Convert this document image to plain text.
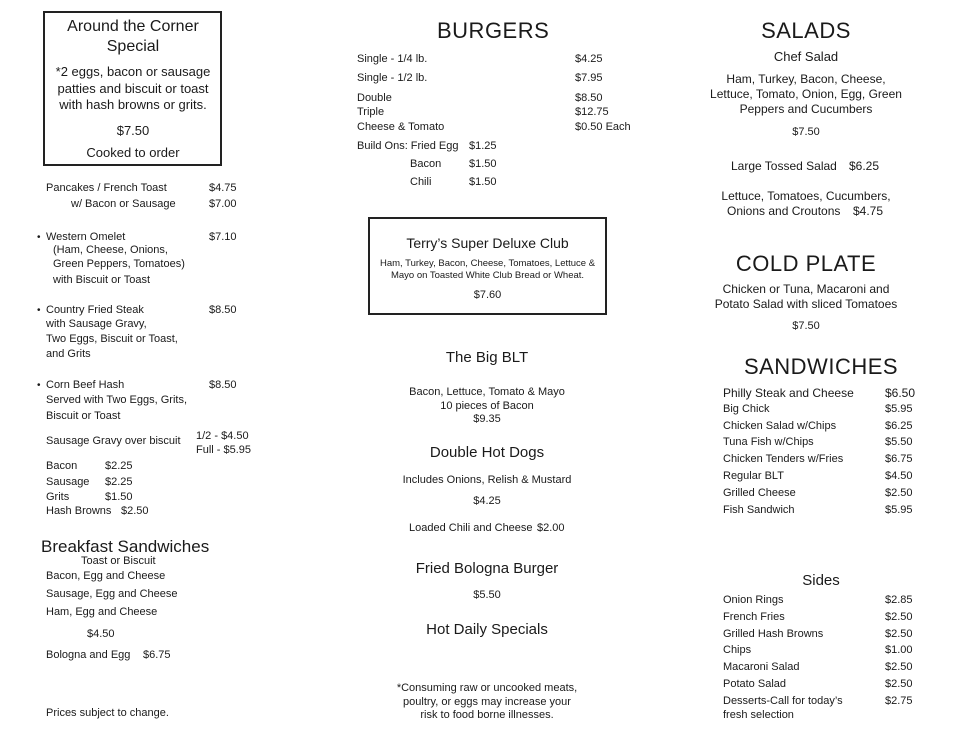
Around the Corner Special
*2 eggs, bacon or sausage patties and biscuit or toast with hash browns or grits.
$7.50
Cooked to order
Pancakes / French Toast	$4.75
w/ Bacon or Sausage	$7.00
• Western Omelet	$7.10
(Ham, Cheese, Onions,
Green Peppers, Tomatoes)
with Biscuit or Toast
• Country Fried Steak	$8.50
with Sausage Gravy,
Two Eggs, Biscuit or Toast,
and Grits
• Corn Beef Hash	$8.50
Served with Two Eggs, Grits,
Biscuit or Toast
Sausage Gravy over biscuit 1/2 - $4.50
Full - $5.95
Bacon	$2.25
Sausage $2.25
Grits	$1.50
Hash Browns $2.50
Breakfast Sandwiches
Toast or Biscuit
Bacon, Egg and Cheese
Sausage, Egg and Cheese
Ham, Egg and Cheese
$4.50
Bologna and Egg $6.75
Prices subject to change.
BURGERS
Single - 1/4 lb.	$4.25
Single - 1/2 lb.	$7.95
Double	$8.50
Triple	$12.75
Cheese & Tomato	$0.50 Each
Build Ons: Fried Egg $1.25
Bacon	$1.50
Chili	$1.50
Terry’s Super Deluxe Club
Ham, Turkey, Bacon, Cheese, Tomatoes, Lettuce &
Mayo on Toasted White Club Bread or Wheat.
$7.60
The Big BLT
Bacon, Lettuce, Tomato & Mayo
10 pieces of Bacon
$9.35
Double Hot Dogs
Includes Onions, Relish & Mustard
$4.25
Loaded Chili and Cheese $2.00
Fried Bologna Burger
$5.50
Hot Daily Specials
*Consuming raw or uncooked meats,
poultry, or eggs may increase your
risk to food borne illnesses.
SALADS
Chef Salad
Ham, Turkey, Bacon, Cheese,
Lettuce, Tomato, Onion, Egg, Green
Peppers and Cucumbers
$7.50
Large Tossed Salad $6.25
Lettuce, Tomatoes, Cucumbers,
Onions and Croutons $4.75
COLD PLATE
Chicken or Tuna, Macaroni and
Potato Salad with sliced Tomatoes
$7.50
SANDWICHES
Philly Steak and Cheese	$6.50
Big Chick	$5.95
Chicken Salad w/Chips	$6.25
Tuna Fish w/Chips	$5.50
Chicken Tenders w/Fries	$6.75
Regular BLT	$4.50
Grilled Cheese	$2.50
Fish Sandwich	$5.95
Sides
Onion Rings	$2.85
French Fries	$2.50
Grilled Hash Browns	$2.50
Chips	$1.00
Macaroni Salad	$2.50
Potato Salad	$2.50
Desserts-Call for today’s
fresh selection
$2.75
